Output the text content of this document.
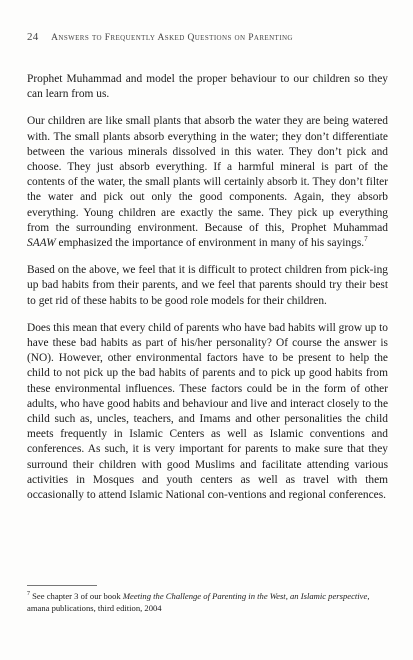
24 Answers to Frequently Asked Questions on Parenting

Prophet Muhammad and model the proper behaviour to our children so they can learn from us.

Our children are like small plants that absorb the water they are being watered with. The small plants absorb everything in the water; they don’t differentiate between the various minerals dissolved in this water. They don’t pick and choose. They just absorb everything. If a harmful mineral is part of the contents of the water, the small plants will certainly absorb it. They don’t filter the water and pick out only the good components. Again, they absorb everything. Young children are exactly the same. They pick up everything from the surrounding environment. Because of this, Prophet Muhammad SAAW emphasized the importance of environment in many of his sayings.$^7$

Based on the above, we feel that it is difficult to protect children from pick-ing up bad habits from their parents, and we feel that parents should try their best to get rid of these habits to be good role models for their children.

Does this mean that every child of parents who have bad habits will grow up to have these bad habits as part of his/her personality? Of course the answer is (NO). However, other environmental factors have to be present to help the child to not pick up the bad habits of parents and to pick up good habits from these environmental influences. These factors could be in the form of other adults, who have good habits and behaviour and live and interact closely to the child such as, uncles, teachers, and Imams and other personalities the child meets frequently in Islamic Centers as well as Islamic conventions and conferences. As such, it is very important for parents to make sure that they surround their children with good Muslims and facilitate attending various activities in Mosques and youth centers as well as travel with them occasionally to attend Islamic National con-ventions and regional conferences.

$^7$ See chapter 3 of our book Meeting the Challenge of Parenting in the West, an Islamic perspective, amana publications, third edition, 2004
